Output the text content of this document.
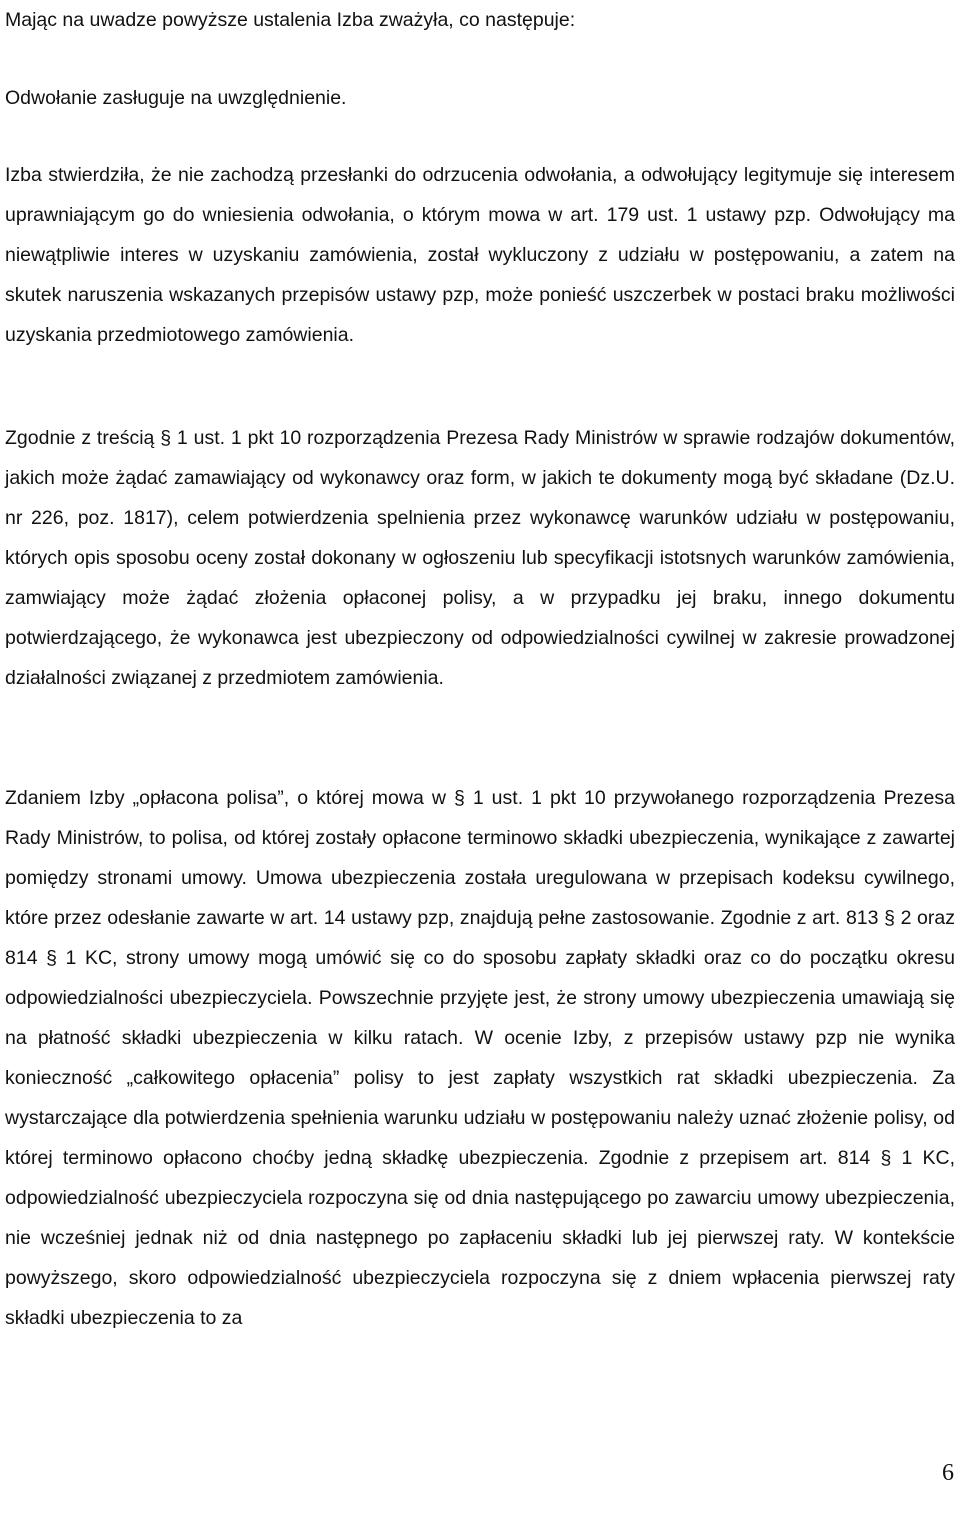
Mając na uwadze powyższe ustalenia Izba zważyła, co następuje:

Odwołanie zasługuje na uwzględnienie.

Izba stwierdziła, że nie zachodzą przesłanki do odrzucenia odwołania, a odwołujący legitymuje się interesem uprawniającym go do wniesienia odwołania, o którym mowa w art. 179 ust. 1 ustawy pzp. Odwołujący ma niewątpliwie interes w uzyskaniu zamówienia, został wykluczony z udziału w postępowaniu, a zatem na skutek naruszenia wskazanych przepisów ustawy pzp, może ponieść uszczerbek w postaci braku możliwości uzyskania przedmiotowego zamówienia.

Zgodnie z treścią § 1 ust. 1 pkt 10 rozporządzenia Prezesa Rady Ministrów w sprawie rodzajów dokumentów, jakich może żądać zamawiający od wykonawcy oraz form, w jakich te dokumenty mogą być składane (Dz.U. nr 226, poz. 1817), celem potwierdzenia spelnienia przez wykonawcę warunków udziału w postępowaniu, których opis sposobu oceny został dokonany w ogłoszeniu lub specyfikacji istotsnych warunków zamówienia, zamwiający może żądać złożenia opłaconej polisy, a w przypadku jej braku, innego dokumentu potwierdzającego, że wykonawca jest ubezpieczony od odpowiedzialności cywilnej w zakresie prowadzonej działalności związanej z przedmiotem zamówienia.

Zdaniem Izby „opłacona polisa”, o której mowa w § 1 ust. 1 pkt 10 przywołanego rozporządzenia Prezesa Rady Ministrów, to polisa, od której zostały opłacone terminowo składki ubezpieczenia, wynikające z zawartej pomiędzy stronami umowy. Umowa ubezpieczenia została uregulowana w przepisach kodeksu cywilnego, które przez odesłanie zawarte w art. 14 ustawy pzp, znajdują pełne zastosowanie. Zgodnie z art. 813 § 2 oraz 814 § 1 KC, strony umowy mogą umówić się co do sposobu zapłaty składki oraz co do początku okresu odpowiedzialności ubezpieczyciela. Powszechnie przyjęte jest, że strony umowy ubezpieczenia umawiają się na płatność składki ubezpieczenia w kilku ratach. W ocenie Izby, z przepisów ustawy pzp nie wynika konieczność „całkowitego opłacenia” polisy to jest zapłaty wszystkich rat składki ubezpieczenia. Za wystarczające dla potwierdzenia spełnienia warunku udziału w postępowaniu należy uznać złożenie polisy, od której terminowo opłacono choćby jedną składkę ubezpieczenia. Zgodnie z przepisem art. 814 § 1 KC, odpowiedzialność ubezpieczyciela rozpoczyna się od dnia następującego po zawarciu umowy ubezpieczenia, nie wcześniej jednak niż od dnia następnego po zapłaceniu składki lub jej pierwszej raty. W kontekście powyższego, skoro odpowiedzialność ubezpieczyciela rozpoczyna się z dniem wpłacenia pierwszej raty składki ubezpieczenia to za

6
